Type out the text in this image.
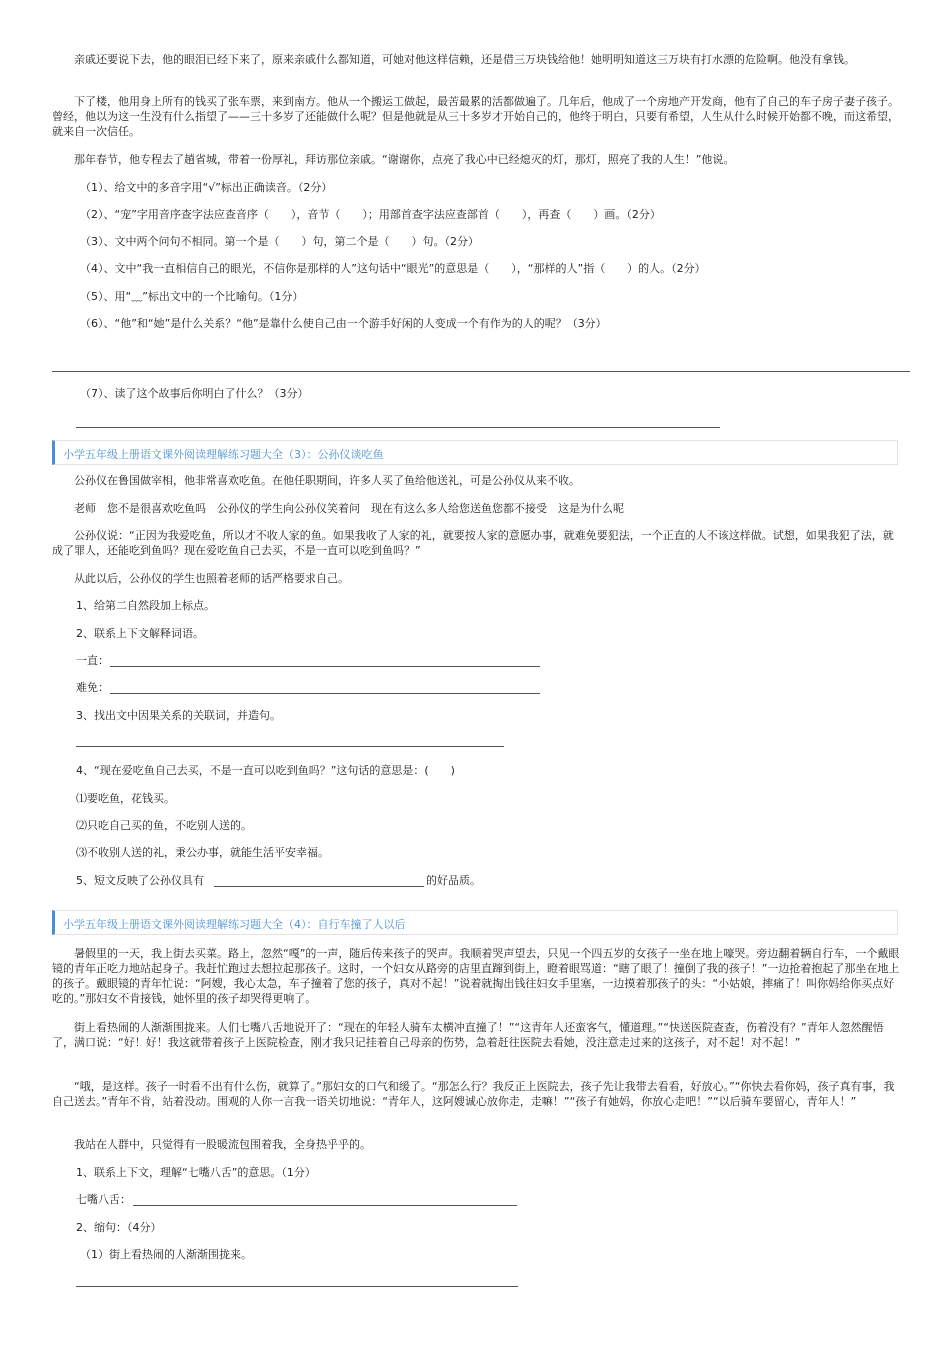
亲戚还要说下去，他的眼泪已经下来了，原来亲戚什么都知道，可她对他这样信赖，还是借三万块钱给他！她明明知道这三万块有打水漂的危险啊。他没有拿钱。

下了楼，他用身上所有的钱买了张车票，来到南方。他从一个搬运工做起，最苦最累的活都做遍了。几年后，他成了一个房地产开发商，他有了自己的车子房子妻子孩子。曾经，他以为这一生没有什么指望了——三十多岁了还能做什么呢？但是他就是从三十多岁才开始自己的，他终于明白，只要有希望，人生从什么时候开始都不晚，而这希望，就来自一次信任。

那年春节，他专程去了趟省城，带着一份厚礼，拜访那位亲戚。“谢谢你，点亮了我心中已经熄灭的灯，那灯，照亮了我的人生！”他说。

（1）、给文中的多音字用“√”标出正确读音。（2分）

（2）、“宠”字用音序查字法应查音序（　　），音节（　　）；用部首查字法应查部首（　　），再查（　　）画。（2分）

（3）、文中两个问句不相同。第一个是（　　）句，第二个是（　　）句。（2分）

（4）、文中“我一直相信自己的眼光，不信你是那样的人”这句话中“眼光”的意思是（　　），“那样的人”指（　　）的人。（2分）

（5）、用“﹏”标出文中的一个比喻句。（1分）

（6）、“他”和“她”是什么关系？“他”是靠什么使自己由一个游手好闲的人变成一个有作为的人的呢？（3分）

（7）、读了这个故事后你明白了什么？（3分）

小学五年级上册语文课外阅读理解练习题大全（3）：公孙仪谈吃鱼

公孙仪在鲁国做宰相，他非常喜欢吃鱼。在他任职期间，许多人买了鱼给他送礼，可是公孙仪从来不收。

老师　您不是很喜欢吃鱼吗　公孙仪的学生向公孙仪笑着问　现在有这么多人给您送鱼您都不接受　这是为什么呢

公孙仪说：“正因为我爱吃鱼，所以才不收人家的鱼。如果我收了人家的礼，就要按人家的意愿办事，就难免要犯法，一个正直的人不该这样做。试想，如果我犯了法，就成了罪人，还能吃到鱼吗？现在爱吃鱼自己去买，不是一直可以吃到鱼吗？”

从此以后，公孙仪的学生也照着老师的话严格要求自己。

1、给第二自然段加上标点。

2、联系上下文解释词语。

一直：
难免：

3、找出文中因果关系的关联词，并造句。

4、“现在爱吃鱼自己去买，不是一直可以吃到鱼吗？”这句话的意思是：(　　)

⑴要吃鱼，花钱买。

⑵只吃自己买的鱼，不吃别人送的。

⑶不收别人送的礼，秉公办事，就能生活平安幸福。

5、短文反映了公孙仪具有	的好品质。
小学五年级上册语文课外阅读理解练习题大全（4）：自行车撞了人以后

暑假里的一天，我上街去买菜。路上，忽然“嘎”的一声，随后传来孩子的哭声。我顺着哭声望去，只见一个四五岁的女孩子一坐在地上嚎哭。旁边翻着辆自行车，一个戴眼镜的青年正吃力地站起身子。我赶忙跑过去想拉起那孩子。这时，一个妇女从路旁的店里直蹿到街上，瞪着眼骂道：“瞎了眼了！撞倒了我的孩子！”一边抢着抱起了那坐在地上的孩子。戴眼镜的青年忙说：“阿嫂，我心太急，车子撞着了您的孩子，真对不起！”说着就掏出钱往妇女手里塞，一边摸着那孩子的头：“小姑娘，摔痛了！叫你妈给你买点好吃的。”那妇女不肯接钱，她怀里的孩子却哭得更响了。

街上看热闹的人渐渐围拢来。人们七嘴八舌地说开了：“现在的年轻人骑车太横冲直撞了！”“这青年人还蛮客气，懂道理。”“快送医院查查，伤着没有？”青年人忽然醒悟了，满口说：“好！好！我这就带着孩子上医院检查，刚才我只记挂着自己母亲的伤势，急着赶往医院去看她，没注意走过来的这孩子，对不起！对不起！”

“哦，是这样。孩子一时看不出有什么伤，就算了。”那妇女的口气和缓了。“那怎么行？我反正上医院去，孩子先让我带去看看，好放心。”“你快去看你妈，孩子真有事，我自己送去。”青年不肯，站着没动。围观的人你一言我一语关切地说：“青年人，这阿嫂诚心放你走，走嘛！”“孩子有她妈，你放心走吧！”“以后骑车要留心，青年人！”

我站在人群中，只觉得有一股暖流包围着我，全身热乎乎的。

1、联系上下文，理解“七嘴八舌”的意思。（1分）

七嘴八舌：

2、缩句：（4分）

（1）街上看热闹的人渐渐围拢来。
